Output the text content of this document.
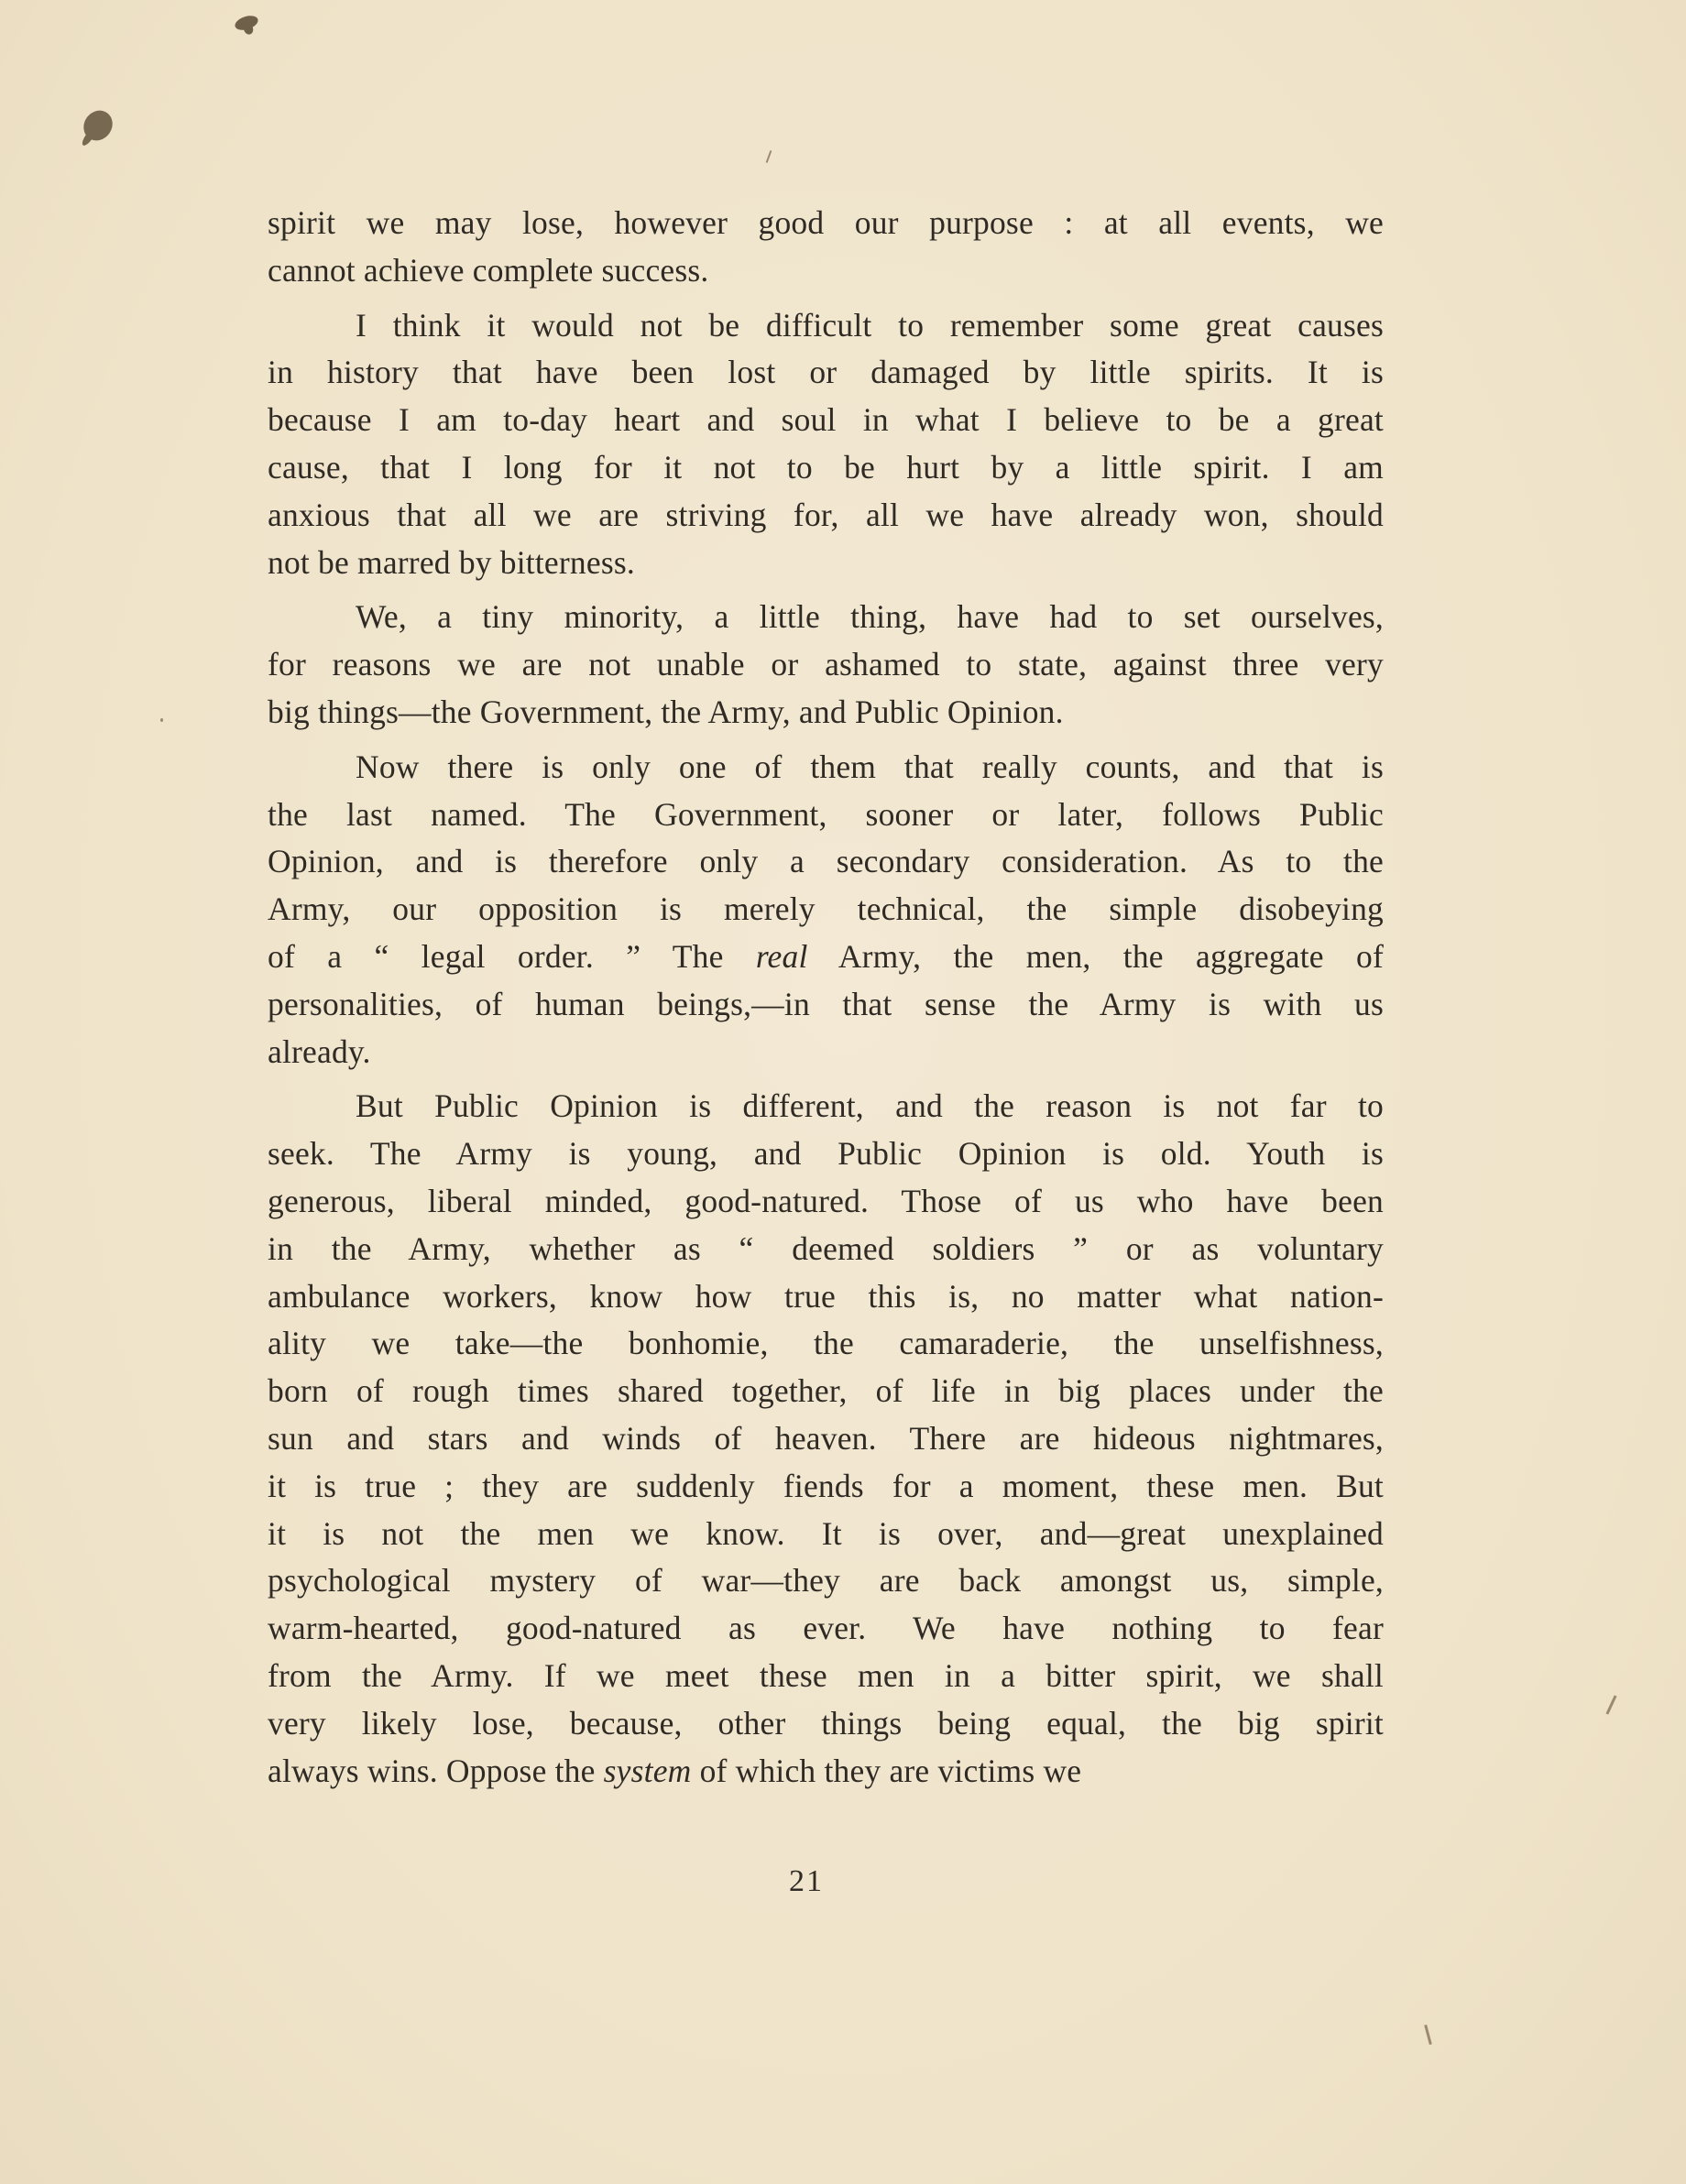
spirit we may lose, however good our purpose : at all events, we
cannot achieve complete success.
I think it would not be difficult to remember some great causes
in history that have been lost or damaged by little spirits. It is
because I am to-day heart and soul in what I believe to be a great
cause, that I long for it not to be hurt by a little spirit. I am
anxious that all we are striving for, all we have already won, should
not be marred by bitterness.
We, a tiny minority, a little thing, have had to set ourselves,
for reasons we are not unable or ashamed to state, against three very
big things—the Government, the Army, and Public Opinion.
Now there is only one of them that really counts, and that is
the last named. The Government, sooner or later, follows Public
Opinion, and is therefore only a secondary consideration. As to the
Army, our opposition is merely technical, the simple disobeying
of a “ legal order. ” The real Army, the men, the aggregate of
personalities, of human beings,—in that sense the Army is with us
already.
But Public Opinion is different, and the reason is not far to
seek. The Army is young, and Public Opinion is old. Youth is
generous, liberal minded, good-natured. Those of us who have been
in the Army, whether as “ deemed soldiers ” or as voluntary
ambulance workers, know how true this is, no matter what nation-
ality we take—the bonhomie, the camaraderie, the unselfishness,
born of rough times shared together, of life in big places under the
sun and stars and winds of heaven. There are hideous nightmares,
it is true ; they are suddenly fiends for a moment, these men. But
it is not the men we know. It is over, and—great unexplained
psychological mystery of war—they are back amongst us, simple,
warm-hearted, good-natured as ever. We have nothing to fear
from the Army. If we meet these men in a bitter spirit, we shall
very likely lose, because, other things being equal, the big spirit
always wins. Oppose the system of which they are victims we
21
